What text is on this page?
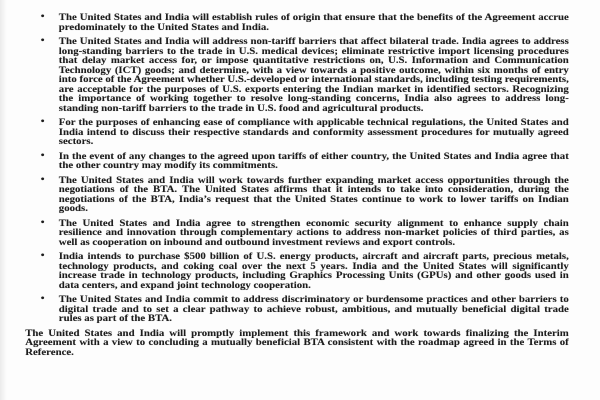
• The United States and India will establish rules of origin that ensure that the benefits of the Agreement accrue predominately to the United States and India.
• The United States and India will address non-tariff barriers that affect bilateral trade. India agrees to address long-standing barriers to the trade in U.S. medical devices; eliminate restrictive import licensing procedures that delay market access for, or impose quantitative restrictions on, U.S. Information and Communication Technology (ICT) goods; and determine, with a view towards a positive outcome, within six months of entry into force of the Agreement whether U.S.-developed or international standards, including testing requirements, are acceptable for the purposes of U.S. exports entering the Indian market in identified sectors. Recognizing the importance of working together to resolve long-standing concerns, India also agrees to address long-standing non-tariff barriers to the trade in U.S. food and agricultural products.
• For the purposes of enhancing ease of compliance with applicable technical regulations, the United States and India intend to discuss their respective standards and conformity assessment procedures for mutually agreed sectors.
• In the event of any changes to the agreed upon tariffs of either country, the United States and India agree that the other country may modify its commitments.
• The United States and India will work towards further expanding market access opportunities through the negotiations of the BTA. The United States affirms that it intends to take into consideration, during the negotiations of the BTA, India’s request that the United States continue to work to lower tariffs on Indian goods.
• The United States and India agree to strengthen economic security alignment to enhance supply chain resilience and innovation through complementary actions to address non-market policies of third parties, as well as cooperation on inbound and outbound investment reviews and export controls.
• India intends to purchase $500 billion of U.S. energy products, aircraft and aircraft parts, precious metals, technology products, and coking coal over the next 5 years. India and the United States will significantly increase trade in technology products, including Graphics Processing Units (GPUs) and other goods used in data centers, and expand joint technology cooperation.
• The United States and India commit to address discriminatory or burdensome practices and other barriers to digital trade and to set a clear pathway to achieve robust, ambitious, and mutually beneficial digital trade rules as part of the BTA.

The United States and India will promptly implement this framework and work towards finalizing the Interim Agreement with a view to concluding a mutually beneficial BTA consistent with the roadmap agreed in the Terms of Reference.
